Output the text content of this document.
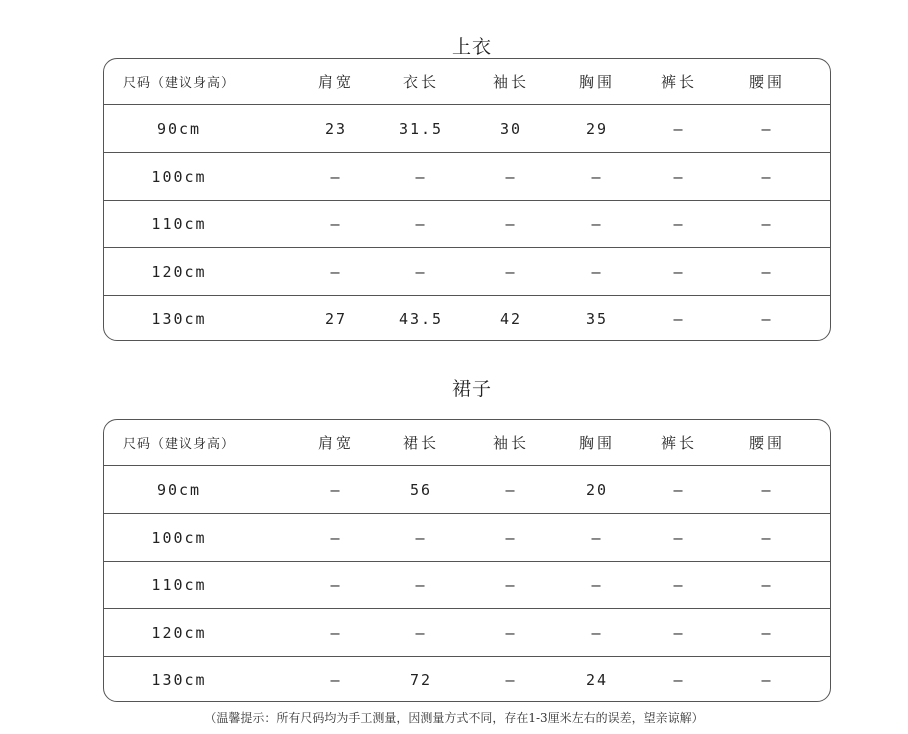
上衣
尺码（建议身高）	肩宽	衣长	袖长	胸围	裤长	腰围
90cm	23	31.5	30	29	–	–
100cm	–	–	–	–	–	–
110cm	–	–	–	–	–	–
120cm	–	–	–	–	–	–
130cm	27	43.5	42	35	–	–
裙子
尺码（建议身高）	肩宽	裙长	袖长	胸围	裤长	腰围
90cm	–	56	–	20	–	–
100cm	–	–	–	–	–	–
110cm	–	–	–	–	–	–
120cm	–	–	–	–	–	–
130cm	–	72	–	24	–	–
（温馨提示：所有尺码均为手工测量，因测量方式不同，存在1-3厘米左右的误差，望亲谅解）
